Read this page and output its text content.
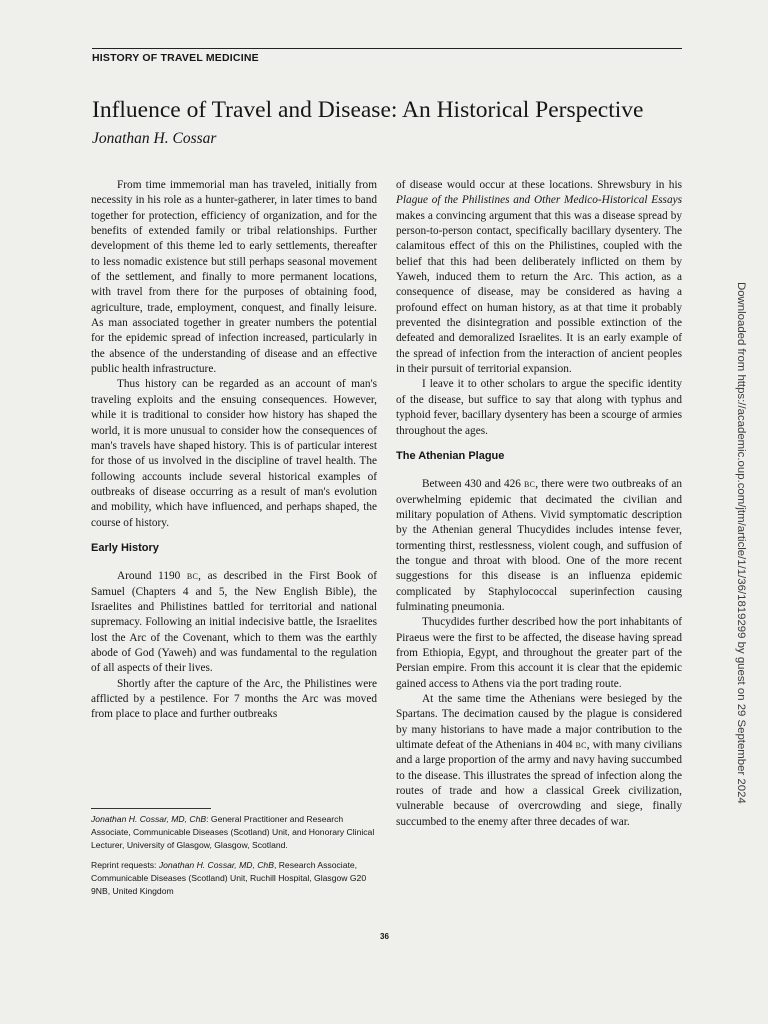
HISTORY OF TRAVEL MEDICINE
Influence of Travel and Disease: An Historical Perspective
Jonathan H. Cossar

From time immemorial man has traveled, initially from necessity in his role as a hunter-gatherer, in later times to band together for protection, efficiency of organization, and for the benefits of extended family or tribal relationships. Further development of this theme led to early settlements, thereafter to less nomadic existence but still perhaps seasonal movement of the settlement, and finally to more permanent locations, with travel from there for the purposes of obtaining food, agriculture, trade, employment, conquest, and finally leisure. As man associated together in greater numbers the potential for the epidemic spread of infection increased, particularly in the absence of the understanding of disease and an effective public health infrastructure.

Thus history can be regarded as an account of man's traveling exploits and the ensuing consequences. However, while it is traditional to consider how history has shaped the world, it is more unusual to consider how the consequences of man's travels have shaped history. This is of particular interest for those of us involved in the discipline of travel health. The following accounts include several historical examples of outbreaks of disease occurring as a result of man's evolution and mobility, which have influenced, and perhaps shaped, the course of history.

Early History

Around 1190 BC, as described in the First Book of Samuel (Chapters 4 and 5, the New English Bible), the Israelites and Philistines battled for territorial and national supremacy. Following an initial indecisive battle, the Israelites lost the Arc of the Covenant, which to them was the earthly abode of God (Yaweh) and was fundamental to the regulation of all aspects of their lives.

Shortly after the capture of the Arc, the Philistines were afflicted by a pestilence. For 7 months the Arc was moved from place to place and further outbreaks

of disease would occur at these locations. Shrewsbury in his Plague of the Philistines and Other Medico-Historical Essays makes a convincing argument that this was a disease spread by person-to-person contact, specifically bacillary dysentery. The calamitous effect of this on the Philistines, coupled with the belief that this had been deliberately inflicted on them by Yaweh, induced them to return the Arc. This action, as a consequence of disease, may be considered as having a profound effect on human history, as at that time it probably prevented the disintegration and possible extinction of the defeated and demoralized Israelites. It is an early example of the spread of infection from the interaction of ancient peoples in their pursuit of territorial expansion.

I leave it to other scholars to argue the specific identity of the disease, but suffice to say that along with typhus and typhoid fever, bacillary dysentery has been a scourge of armies throughout the ages.

The Athenian Plague

Between 430 and 426 BC, there were two outbreaks of an overwhelming epidemic that decimated the civilian and military population of Athens. Vivid symptomatic description by the Athenian general Thucydides includes intense fever, tormenting thirst, restlessness, violent cough, and suffusion of the tongue and throat with blood. One of the more recent suggestions for this disease is an influenza epidemic complicated by Staphylococcal superinfection causing fulminating pneumonia.

Thucydides further described how the port inhabitants of Piraeus were the first to be affected, the disease having spread from Ethiopia, Egypt, and throughout the greater part of the Persian empire. From this account it is clear that the epidemic gained access to Athens via the port trading route.

At the same time the Athenians were besieged by the Spartans. The decimation caused by the plague is considered by many historians to have made a major contribution to the ultimate defeat of the Athenians in 404 BC, with many civilians and a large proportion of the army and navy having succumbed to the disease. This illustrates the spread of infection along the routes of trade and how a classical Greek civilization, vulnerable because of overcrowding and siege, finally succumbed to the enemy after three decades of war.

Jonathan H. Cossar, MD, ChB: General Practitioner and Research Associate, Communicable Diseases (Scotland) Unit, and Honorary Clinical Lecturer, University of Glasgow, Glasgow, Scotland.

Reprint requests: Jonathan H. Cossar, MD, ChB, Research Associate, Communicable Diseases (Scotland) Unit, Ruchill Hospital, Glasgow G20 9NB, United Kingdom

36
Downloaded from https://academic.oup.com/jtm/article/1/1/36/1819299 by guest on 29 September 2024
